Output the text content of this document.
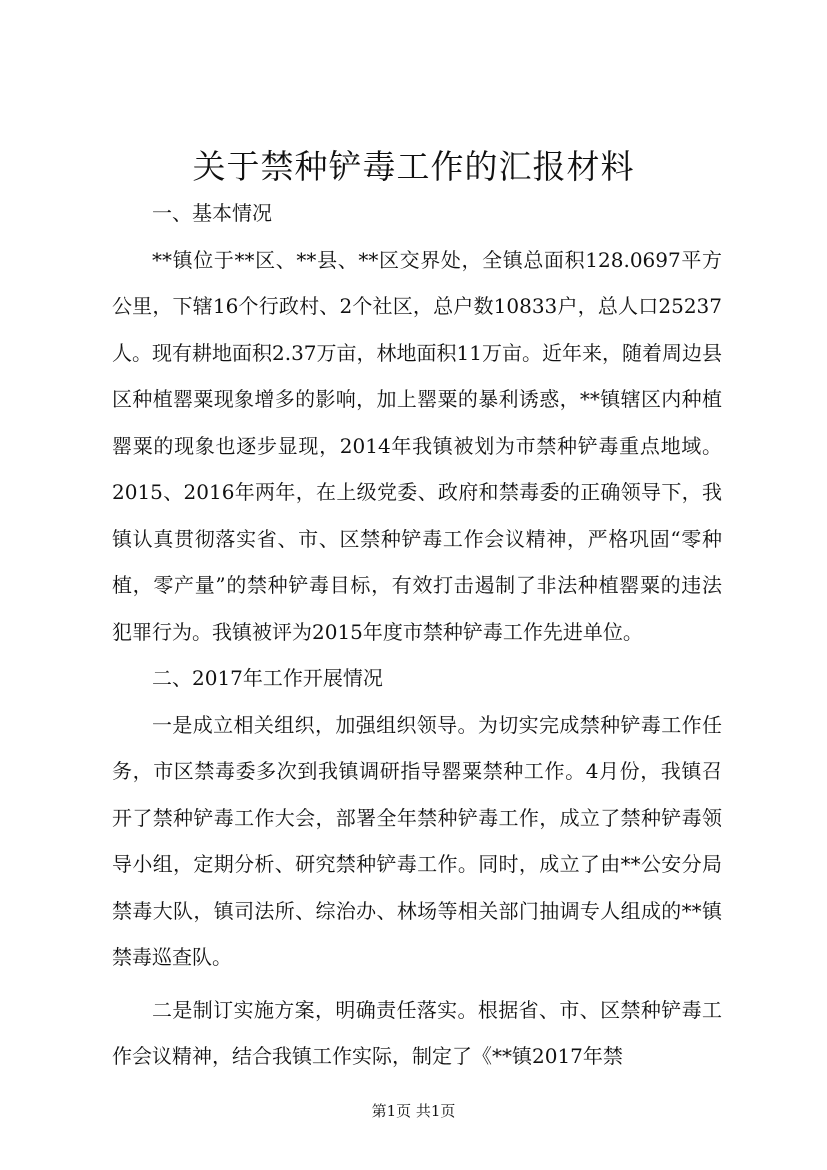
关于禁种铲毒工作的汇报材料

一、基本情况

**镇位于**区、**县、**区交界处，全镇总面积128.0697平方公里，下辖16个行政村、2个社区，总户数10833户，总人口25237人。现有耕地面积2.37万亩，林地面积11万亩。近年来，随着周边县区种植罂粟现象增多的影响，加上罂粟的暴利诱惑，**镇辖区内种植罂粟的现象也逐步显现，2014年我镇被划为市禁种铲毒重点地域。2015、2016年两年，在上级党委、政府和禁毒委的正确领导下，我镇认真贯彻落实省、市、区禁种铲毒工作会议精神，严格巩固“零种植，零产量”的禁种铲毒目标，有效打击遏制了非法种植罂粟的违法犯罪行为。我镇被评为2015年度市禁种铲毒工作先进单位。

二、2017年工作开展情况

一是成立相关组织，加强组织领导。为切实完成禁种铲毒工作任务，市区禁毒委多次到我镇调研指导罂粟禁种工作。4月份，我镇召开了禁种铲毒工作大会，部署全年禁种铲毒工作，成立了禁种铲毒领导小组，定期分析、研究禁种铲毒工作。同时，成立了由**公安分局禁毒大队，镇司法所、综治办、林场等相关部门抽调专人组成的**镇禁毒巡查队。

二是制订实施方案，明确责任落实。根据省、市、区禁种铲毒工作会议精神，结合我镇工作实际，制定了《**镇2017年禁

第1页 共1页
